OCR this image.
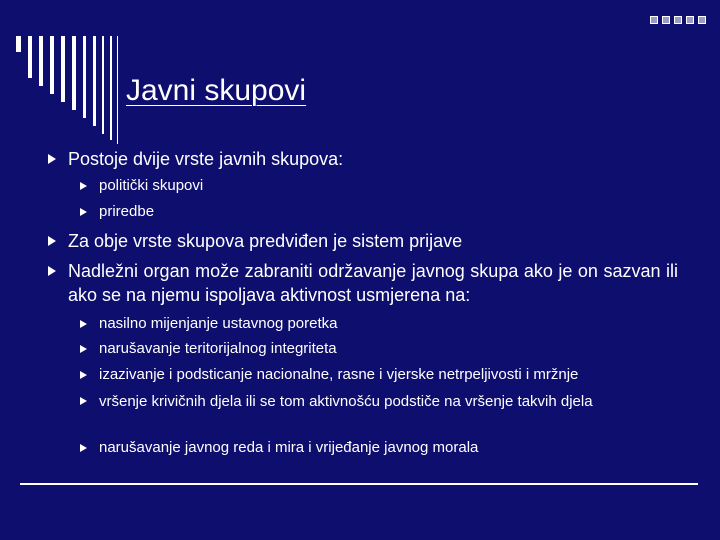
Javni skupovi
Postoje dvije vrste javnih skupova:
politički skupovi
priredbe
Za obje vrste skupova predviđen je sistem prijave
Nadležni organ može zabraniti održavanje javnog skupa ako je on sazvan ili ako se na njemu ispoljava aktivnost usmjerena na:
nasilno mijenjanje ustavnog poretka
narušavanje teritorijalnog integriteta
izazivanje i podsticanje nacionalne, rasne i vjerske netrpeljivosti i mržnje
vršenje krivičnih djela ili se tom aktivnošću podstiče na vršenje takvih djela
narušavanje javnog reda i mira i vrijeđanje javnog morala
